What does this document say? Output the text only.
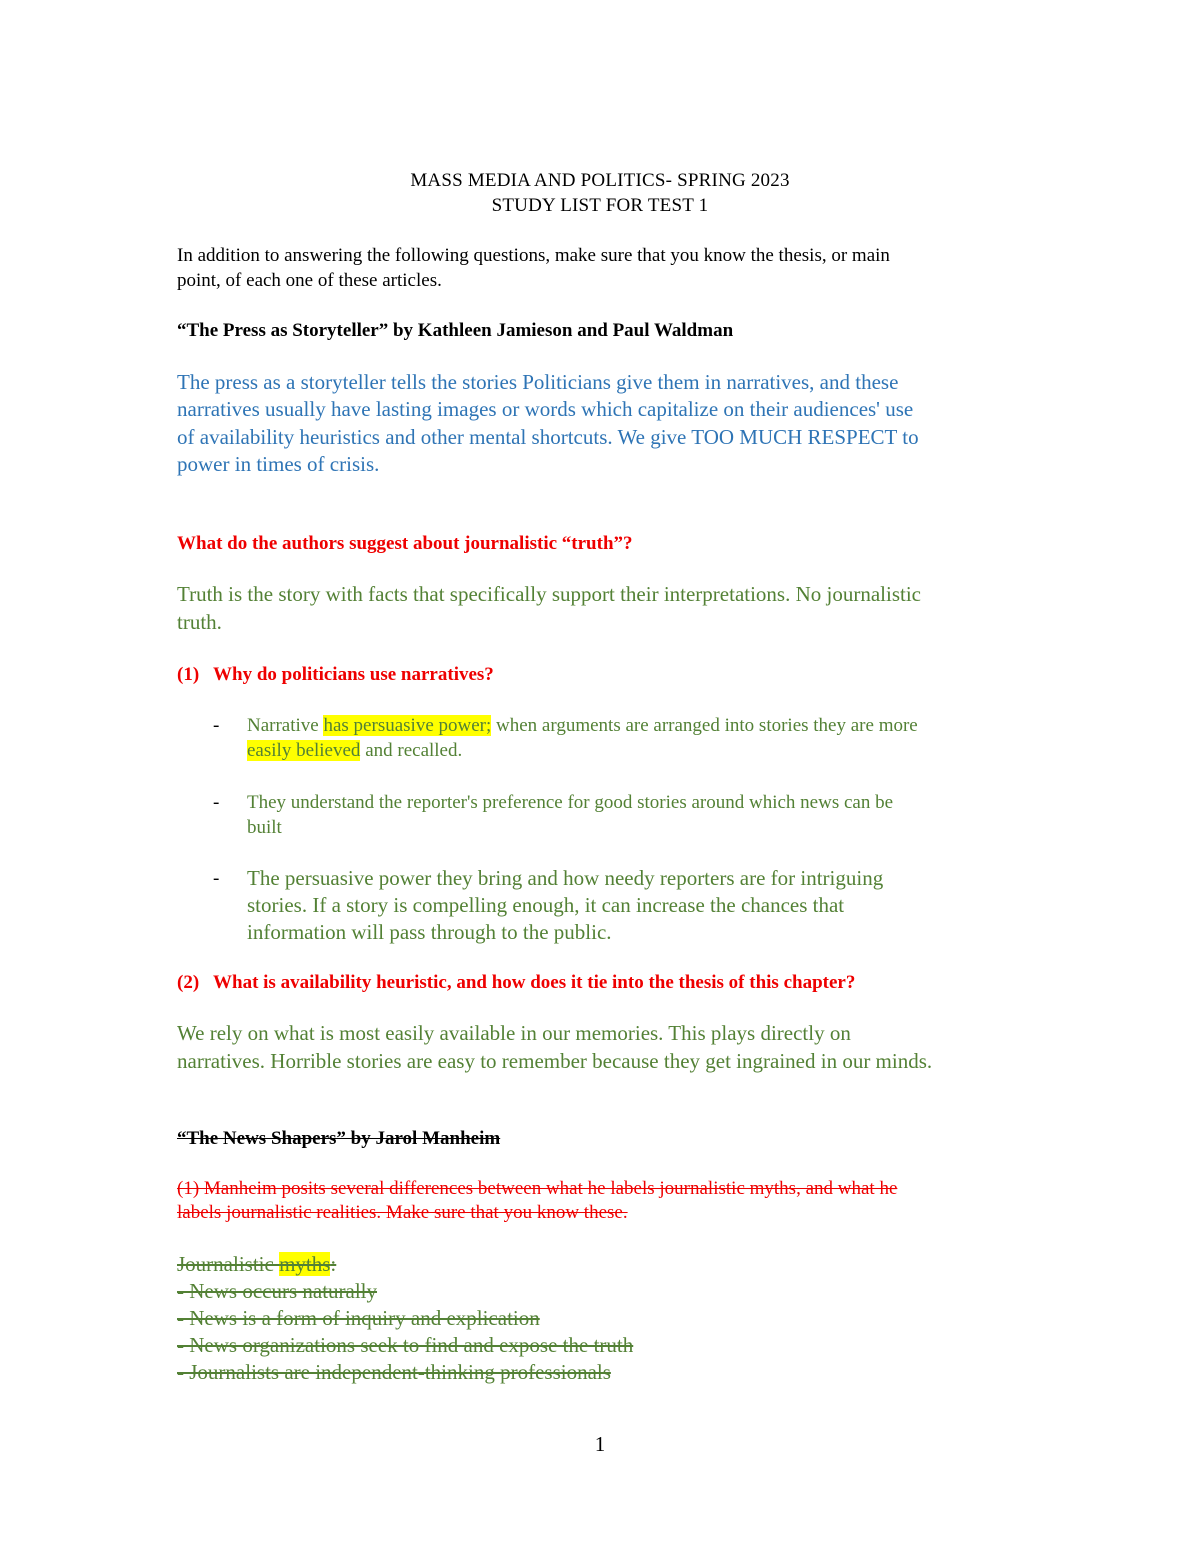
MASS MEDIA AND POLITICS- SPRING 2023
STUDY LIST FOR TEST 1
In addition to answering the following questions, make sure that you know the thesis, or main
point, of each one of these articles.
“The Press as Storyteller” by Kathleen Jamieson and Paul Waldman
The press as a storyteller tells the stories Politicians give them in narratives, and these
narratives usually have lasting images or words which capitalize on their audiences' use
of availability heuristics and other mental shortcuts. We give TOO MUCH RESPECT to
power in times of crisis.
What do the authors suggest about journalistic “truth”?
Truth is the story with facts that specifically support their interpretations. No journalistic
truth.
(1) Why do politicians use narratives?
- Narrative has persuasive power; when arguments are arranged into stories they are more
easily believed and recalled.
- They understand the reporter's preference for good stories around which news can be
built
- The persuasive power they bring and how needy reporters are for intriguing
stories. If a story is compelling enough, it can increase the chances that
information will pass through to the public.
(2) What is availability heuristic, and how does it tie into the thesis of this chapter?
We rely on what is most easily available in our memories. This plays directly on
narratives. Horrible stories are easy to remember because they get ingrained in our minds.
“The News Shapers” by Jarol Manheim
(1) Manheim posits several differences between what he labels journalistic myths, and what he
labels journalistic realities. Make sure that you know these.
Journalistic myths:
- News occurs naturally
- News is a form of inquiry and explication
- News organizations seek to find and expose the truth
- Journalists are independent-thinking professionals
1
